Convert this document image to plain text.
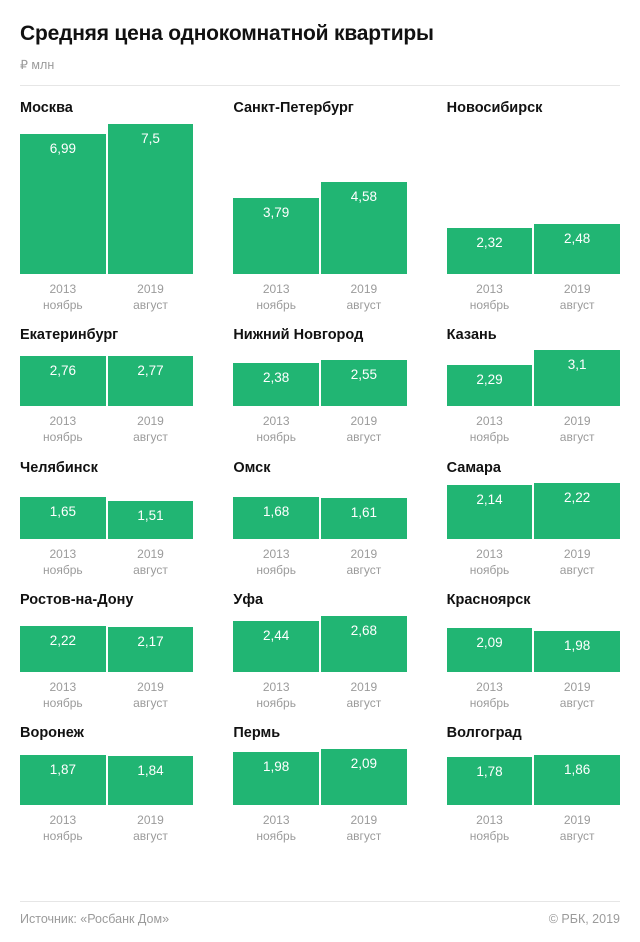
Средняя цена однокомнатной квартиры
₽ млн
Москва
6,99
7,5
2013
ноябрь
2019
август
Санкт-Петербург
3,79
4,58
2013
ноябрь
2019
август
Новосибирск
2,32	2,48
2013
ноябрь
2019
август
Екатеринбург
2,76	2,77
2013
ноябрь
2019
август
Нижний Новгород
2,38	2,55
2013
ноябрь
2019
август
Казань
2,29
3,1
2013
ноябрь
2019
август
Челябинск
1,65	1,51
2013
ноябрь
2019
август
Омск
1,68	1,61
2013
ноябрь
2019
август
Самара
2,14	2,22
2013
ноябрь
2019
август
Ростов-на-Дону
2,22	2,17
2013
ноябрь
2019
август
Уфа
2,44	2,68
2013
ноябрь
2019
август
Красноярск
2,09	1,98
2013
ноябрь
2019
август
Воронеж
1,87	1,84
2013
ноябрь
2019
август
Пермь
1,98	2,09
2013
ноябрь
2019
август
Волгоград
1,78	1,86
2013
ноябрь
2019
август
Источник: «Росбанк Дом»	© РБК, 2019
